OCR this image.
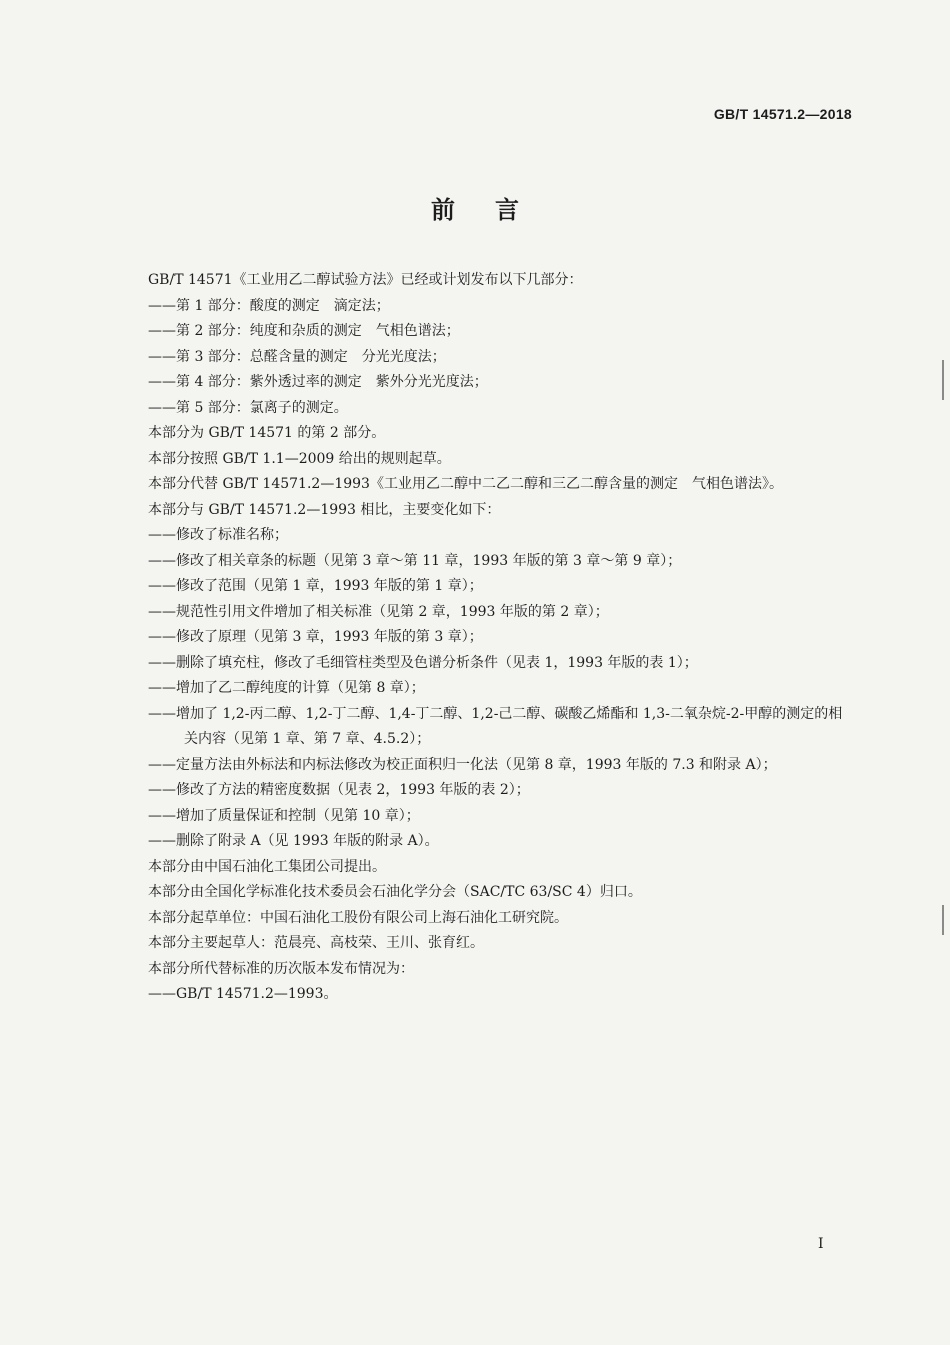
GB/T 14571.2—2018
前言

GB/T 14571《工业用乙二醇试验方法》已经或计划发布以下几部分：

——第 1 部分：酸度的测定　滴定法；

——第 2 部分：纯度和杂质的测定　气相色谱法；

——第 3 部分：总醛含量的测定　分光光度法；

——第 4 部分：紫外透过率的测定　紫外分光光度法；

——第 5 部分：氯离子的测定。

本部分为 GB/T 14571 的第 2 部分。

本部分按照 GB/T 1.1—2009 给出的规则起草。

本部分代替 GB/T 14571.2—1993《工业用乙二醇中二乙二醇和三乙二醇含量的测定　气相色谱法》。

本部分与 GB/T 14571.2—1993 相比，主要变化如下：

——修改了标准名称；

——修改了相关章条的标题（见第 3 章～第 11 章，1993 年版的第 3 章～第 9 章）；

——修改了范围（见第 1 章，1993 年版的第 1 章）；

——规范性引用文件增加了相关标准（见第 2 章，1993 年版的第 2 章）；

——修改了原理（见第 3 章，1993 年版的第 3 章）；

——删除了填充柱，修改了毛细管柱类型及色谱分析条件（见表 1，1993 年版的表 1）；

——增加了乙二醇纯度的计算（见第 8 章）；

——增加了 1,2-丙二醇、1,2-丁二醇、1,4-丁二醇、1,2-己二醇、碳酸乙烯酯和 1,3-二氧杂烷-2-甲醇的测定的相关内容（见第 1 章、第 7 章、4.5.2）；

——定量方法由外标法和内标法修改为校正面积归一化法（见第 8 章，1993 年版的 7.3 和附录 A）；

——修改了方法的精密度数据（见表 2，1993 年版的表 2）；

——增加了质量保证和控制（见第 10 章）；

——删除了附录 A（见 1993 年版的附录 A）。

本部分由中国石油化工集团公司提出。

本部分由全国化学标准化技术委员会石油化学分会（SAC/TC 63/SC 4）归口。

本部分起草单位：中国石油化工股份有限公司上海石油化工研究院。

本部分主要起草人：范晨亮、高枝荣、王川、张育红。

本部分所代替标准的历次版本发布情况为：

——GB/T 14571.2—1993。

I
